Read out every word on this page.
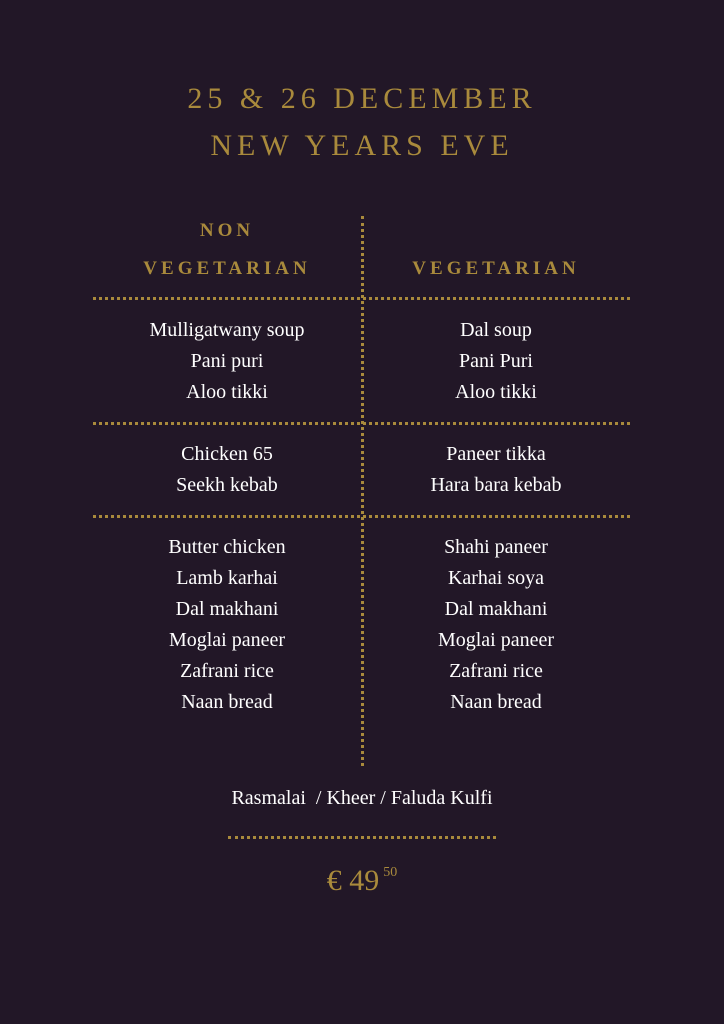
25 & 26 DECEMBER
NEW YEARS EVE
NON
VEGETARIAN	VEGETARIAN
Mulligatwany soup
Pani puri
Aloo tikki
Dal soup
Pani Puri
Aloo tikki
Chicken 65
Seekh kebab
Paneer tikka
Hara bara kebab
Butter chicken
Lamb karhai
Dal makhani
Moglai paneer
Zafrani rice
Naan bread
Shahi paneer
Karhai soya
Dal makhani
Moglai paneer
Zafrani rice
Naan bread
Rasmalai  / Kheer / Faluda Kulfi
€ 49 $^{50}$
